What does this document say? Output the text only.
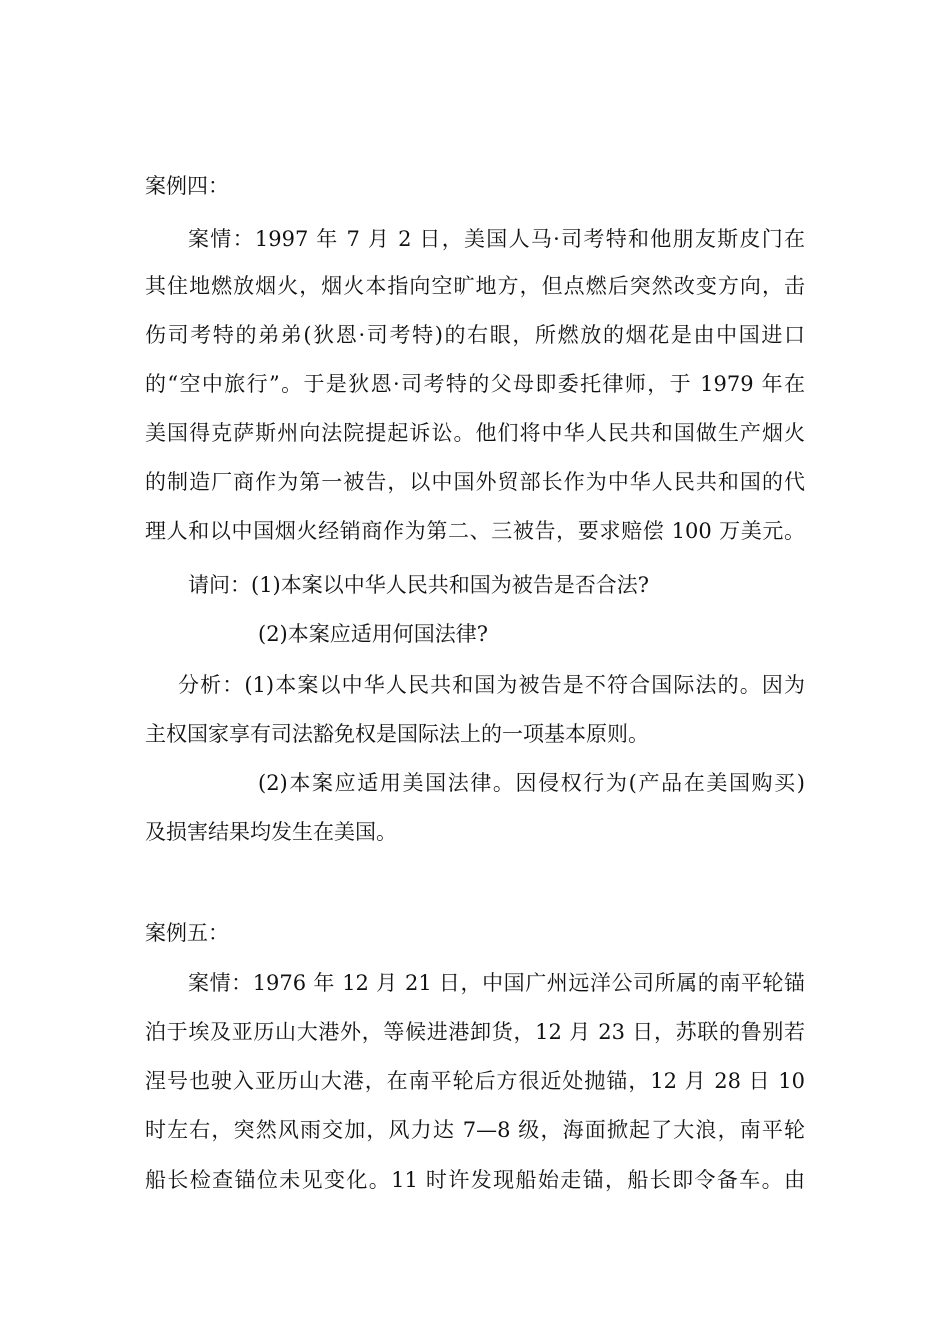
案例四：
案情：1997 年 7 月 2 日，美国人马·司考特和他朋友斯皮门在
其住地燃放烟火，烟火本指向空旷地方，但点燃后突然改变方向，击
伤司考特的弟弟(狄恩·司考特)的右眼，所燃放的烟花是由中国进口
的“空中旅行”。于是狄恩·司考特的父母即委托律师，于 1979 年在
美国得克萨斯州向法院提起诉讼。他们将中华人民共和国做生产烟火
的制造厂商作为第一被告，以中国外贸部长作为中华人民共和国的代
理人和以中国烟火经销商作为第二、三被告，要求赔偿 100 万美元。
请问：(1)本案以中华人民共和国为被告是否合法?
(2)本案应适用何国法律?
分析：(1)本案以中华人民共和国为被告是不符合国际法的。因为
主权国家享有司法豁免权是国际法上的一项基本原则。
(2)本案应适用美国法律。因侵权行为(产品在美国购买)
及损害结果均发生在美国。
案例五：
案情：1976 年 12 月 21 日，中国广州远洋公司所属的南平轮锚
泊于埃及亚历山大港外，等候进港卸货，12 月 23 日，苏联的鲁别若
涅号也驶入亚历山大港，在南平轮后方很近处抛锚，12 月 28 日 10
时左右，突然风雨交加，风力达 7—8 级，海面掀起了大浪，南平轮
船长检查锚位未见变化。11 时许发现船始走锚，船长即令备车。由
